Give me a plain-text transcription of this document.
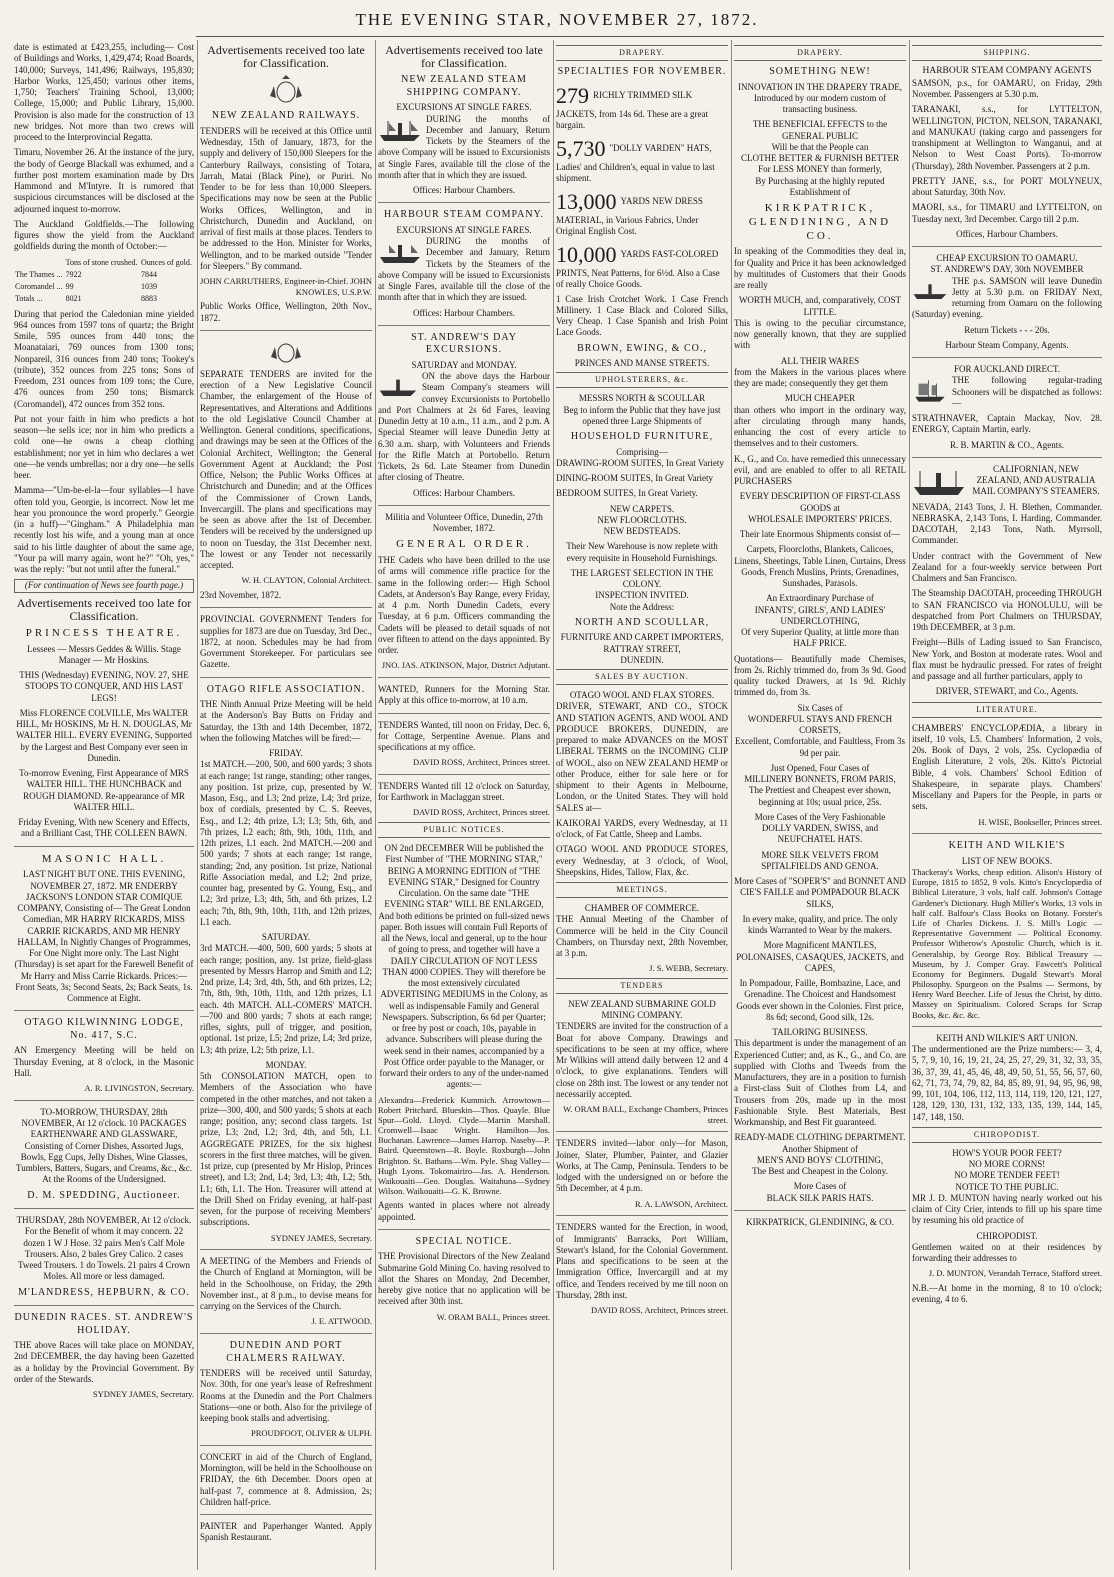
THE EVENING STAR, NOVEMBER 27, 1872.

date is estimated at £423,255, including— Cost of Buildings and Works, 1,429,474; Road Boards, 140,000; Surveys, 141,496; Railways, 195,830; Harbor Works, 125,450; various other items, 1,750; Teachers' Training School, 13,000; College, 15,000; and Public Library, 15,000. Provision is also made for the construction of 13 new bridges. Not more than two crews will proceed to the Interprovincial Regatta.

Timaru, November 26. At the instance of the jury, the body of George Blackall was exhumed, and a further post mortem examination made by Drs Hammond and M'Intyre. It is rumored that suspicious circumstances will be disclosed at the adjourned inquest to-morrow.

The Auckland Goldfields.—The following figures show the yield from the Auckland goldfields during the month of October:—

	Tons of stone crushed.	Ounces of gold.
The Thames ...	7922	7844
Coromandel ...	99	1039
Totals ...	8021	8883

During that period the Caledonian mine yielded 964 ounces from 1597 tons of quartz; the Bright Smile, 595 ounces from 440 tons; the Moanataiari, 769 ounces from 1300 tons; Nonpareil, 316 ounces from 240 tons; Tookey's (tribute), 352 ounces from 225 tons; Sons of Freedom, 231 ounces from 109 tons; the Cure, 476 ounces from 250 tons; Bismarck (Coromandel), 472 ounces from 352 tons.

Put not your faith in him who predicts a hot season—he sells ice; nor in him who predicts a cold one—he owns a cheap clothing establishment; nor yet in him who declares a wet one—he vends umbrellas; nor a dry one—he sells beer.

Mamma—"Um-be-el-la—four syllables—I have often told you, Georgie, is incorrect. Now let me hear you pronounce the word properly." Georgie (in a huff)—"Gingham." A Philadelphia man recently lost his wife, and a young man at once said to his little daughter of about the same age, "Your pa will marry again, wont he?" "Oh, yes," was the reply: "but not until after the funeral."

(For continuation of News see fourth page.)

Advertisements received too late for Classification.
PRINCESS THEATRE.

Lessees — Messrs Geddes & Willis. Stage Manager — Mr Hoskins.

THIS (Wednesday) EVENING, NOV. 27, SHE STOOPS TO CONQUER, AND HIS LAST LEGS!

Miss FLORENCE COLVILLE, Mrs WALTER HILL, Mr HOSKINS, Mr H. N. DOUGLAS, Mr WALTER HILL. EVERY EVENING, Supported by the Largest and Best Company ever seen in Dunedin.

To-morrow Evening, First Appearance of MRS WALTER HILL. THE HUNCHBACK and ROUGH DIAMOND. Re-appearance of MR WALTER HILL.

Friday Evening, With new Scenery and Effects, and a Brilliant Cast, THE COLLEEN BAWN.

MASONIC HALL.

LAST NIGHT BUT ONE. THIS EVENING, NOVEMBER 27, 1872. MR ENDERBY JACKSON'S LONDON STAR COMIQUE COMPANY, Consisting of— The Great London Comedian, MR HARRY RICKARDS, MISS CARRIE RICKARDS, AND MR HENRY HALLAM, In Nightly Changes of Programmes, For One Night more only. The Last Night (Thursday) is set apart for the Farewell Benefit of Mr Harry and Miss Carrie Rickards. Prices:—Front Seats, 3s; Second Seats, 2s; Back Seats, 1s. Commence at Eight.

OTAGO KILWINNING LODGE, No. 417, S.C.

AN Emergency Meeting will be held on Thursday Evening, at 8 o'clock, in the Masonic Hall.

A. R. LIVINGSTON, Secretary.

TO-MORROW, THURSDAY, 28th NOVEMBER, At 12 o'clock. 10 PACKAGES EARTHENWARE AND GLASSWARE, Consisting of Corner Dishes, Assorted Jugs, Bowls, Egg Cups, Jelly Dishes, Wine Glasses, Tumblers, Batters, Sugars, and Creams, &c., &c. At the Rooms of the Undersigned.

D. M. SPEDDING, Auctioneer.

THURSDAY, 28th NOVEMBER, At 12 o'clock. For the Benefit of whom it may concern. 22 dozen 1 W J Hose. 32 pairs Men's Calf Mole Trousers. Also, 2 bales Grey Calico. 2 cases Tweed Trousers. 1 do Towels. 21 pairs 4 Crown Moles. All more or less damaged.

M'LANDRESS, HEPBURN, & CO.
DUNEDIN RACES. ST. ANDREW'S HOLIDAY.

THE above Races will take place on MONDAY, 2nd DECEMBER, the day having been Gazetted as a holiday by the Provincial Government. By order of the Stewards.

SYDNEY JAMES, Secretary.

Advertisements received too late for Classification.
NEW ZEALAND RAILWAYS.

TENDERS will be received at this Office until Wednesday, 15th of January, 1873, for the supply and delivery of 150,000 Sleepers for the Canterbury Railways, consisting of Totara, Jarrah, Matai (Black Pine), or Puriri. No Tender to be for less than 10,000 Sleepers. Specifications may now be seen at the Public Works Offices, Wellington, and in Christchurch, Dunedin and Auckland, on arrival of first mails at those places. Tenders to be addressed to the Hon. Minister for Works, Wellington, and to be marked outside "Tender for Sleepers." By command.

JOHN CARRUTHERS, Engineer-in-Chief. JOHN KNOWLES, U.S.P.W.

Public Works Office, Wellington, 20th Nov., 1872.

SEPARATE TENDERS are invited for the erection of a New Legislative Council Chamber, the enlargement of the House of Representatives, and Alterations and Additions to the old Legislative Council Chamber at Wellington. General conditions, specifications, and drawings may be seen at the Offices of the Colonial Architect, Wellington; the General Government Agent at Auckland; the Post Office, Nelson; the Public Works Offices at Christchurch and Dunedin; and at the Offices of the Commissioner of Crown Lands, Invercargill. The plans and specifications may be seen as above after the 1st of December. Tenders will be received by the undersigned up to noon on Tuesday, the 31st December next. The lowest or any Tender not necessarily accepted.

W. H. CLAYTON, Colonial Architect.

23rd November, 1872.

PROVINCIAL GOVERNMENT Tenders for supplies for 1873 are due on Tuesday, 3rd Dec., 1872, at noon. Schedules may be had from Government Storekeeper. For particulars see Gazette.

OTAGO RIFLE ASSOCIATION.

THE Ninth Annual Prize Meeting will be held at the Anderson's Bay Butts on Friday and Saturday, the 13th and 14th December, 1872, when the following Matches will be fired:—

FRIDAY.

1st MATCH.—200, 500, and 600 yards; 3 shots at each range; 1st range, standing; other ranges, any position. 1st prize, cup, presented by W. Mason, Esq., and L3; 2nd prize, L4; 3rd prize, box of cordials, presented by C. S. Reeves, Esq., and L2; 4th prize, L3; L3; 5th, 6th, and 7th prizes, L2 each; 8th, 9th, 10th, 11th, and 12th prizes, L1 each. 2nd MATCH.—200 and 500 yards; 7 shots at each range; 1st range, standing; 2nd, any position. 1st prize, National Rifle Association medal, and L2; 2nd prize, counter bag, presented by G. Young, Esq., and L2; 3rd prize, L3; 4th, 5th, and 6th prizes, L2 each; 7th, 8th, 9th, 10th, 11th, and 12th prizes, L1 each.

SATURDAY.

3rd MATCH.—400, 500, 600 yards; 5 shots at each range; position, any. 1st prize, field-glass presented by Messrs Harrop and Smith and L2; 2nd prize, L4; 3rd, 4th, 5th, and 6th prizes, L2; 7th, 8th, 9th, 10th, 11th, and 12th prizes, L1 each. 4th MATCH. ALL-COMERS' MATCH.—700 and 800 yards; 7 shots at each range; rifles, sights, pull of trigger, and position, optional. 1st prize, L5; 2nd prize, L4; 3rd prize, L3; 4th prize, L2; 5th prize, L1.

MONDAY.

5th CONSOLATION MATCH, open to Members of the Association who have competed in the other matches, and not taken a prize—300, 400, and 500 yards; 5 shots at each range; position, any; second class targets. 1st prize, L3; 2nd, L2; 3rd, 4th, and 5th, L1. AGGREGATE PRIZES, for the six highest scorers in the first three matches, will be given. 1st prize, cup (presented by Mr Hislop, Princes street), and L3; 2nd, L4; 3rd, L3; 4th, L2; 5th, L1; 6th, L1. The Hon. Treasurer will attend at the Drill Shed on Friday evening, at half-past seven, for the purpose of receiving Members' subscriptions.

SYDNEY JAMES, Secretary.

A MEETING of the Members and Friends of the Church of England at Mornington, will be held in the Schoolhouse, on Friday, the 29th November inst., at 8 p.m., to devise means for carrying on the Services of the Church.

J. E. ATTWOOD.

DUNEDIN AND PORT CHALMERS RAILWAY.

TENDERS will be received until Saturday, Nov. 30th, for one year's lease of Refreshment Rooms at the Dunedin and the Port Chalmers Stations—one or both. Also for the privilege of keeping book stalls and advertising.

PROUDFOOT, OLIVER & ULPH.

CONCERT in aid of the Church of England, Mornington, will be held in the Schoolhouse on FRIDAY, the 6th December. Doors open at half-past 7, commence at 8. Admission, 2s; Children half-price.

PAINTER and Paperhanger Wanted. Apply Spanish Restaurant.

Advertisements received too late for Classification.
NEW ZEALAND STEAM SHIPPING COMPANY.
EXCURSIONS AT SINGLE FARES.

DURING the months of December and January, Return Tickets by the Steamers of the above Company will be issued to Excursionists at Single Fares, available till the close of the month after that in which they are issued.

Offices: Harbour Chambers.

HARBOUR STEAM COMPANY.
EXCURSIONS AT SINGLE FARES.

DURING the months of December and January, Return Tickets by the Steamers of the above Company will be issued to Excursionists at Single Fares, available till the close of the month after that in which they are issued.

Offices: Harbour Chambers.

ST. ANDREW'S DAY EXCURSIONS.
SATURDAY and MONDAY.

ON the above days the Harbour Steam Company's steamers will convey Excursionists to Portobello and Port Chalmers at 2s 6d Fares, leaving Dunedin Jetty at 10 a.m., 11 a.m., and 2 p.m. A Special Steamer will leave Dunedin Jetty at 6.30 a.m. sharp, with Volunteers and Friends for the Rifle Match at Portobello. Return Tickets, 2s 6d. Late Steamer from Dunedin after closing of Theatre.

Offices: Harbour Chambers.

Militia and Volunteer Office, Dunedin, 27th November, 1872.

GENERAL ORDER.

THE Cadets who have been drilled to the use of arms will commence rifle practice for the same in the following order:— High School Cadets, at Anderson's Bay Range, every Friday, at 4 p.m. North Dunedin Cadets, every Tuesday, at 6 p.m. Officers commanding the Cadets will be pleased to detail squads of not over fifteen to attend on the days appointed. By order.

JNO. JAS. ATKINSON, Major, District Adjutant.

WANTED, Runners for the Morning Star. Apply at this office to-morrow, at 10 a.m.

TENDERS Wanted, till noon on Friday, Dec. 6, for Cottage, Serpentine Avenue. Plans and specifications at my office.

DAVID ROSS, Architect, Princes street.

TENDERS Wanted till 12 o'clock on Saturday, for Earthwork in Maclaggan street.

DAVID ROSS, Architect, Princes street.

PUBLIC NOTICES.

ON 2nd DECEMBER Will be published the First Number of "THE MORNING STAR," BEING A MORNING EDITION of "THE EVENING STAR," Designed for Country Circulation. On the same date "THE EVENING STAR" WILL BE ENLARGED, And both editions be printed on full-sized news paper. Both issues will contain Full Reports of all the News, local and general, up to the hour of going to press, and together will have a DAILY CIRCULATION OF NOT LESS THAN 4000 COPIES. They will therefore be the most extensively circulated ADVERTISING MEDIUMS in the Colony, as well as indispensable Family and General Newspapers. Subscription, 6s 6d per Quarter; or free by post or coach, 10s, payable in advance. Subscribers will please during the week send in their names, accompanied by a Post Office order payable to the Manager, or forward their orders to any of the under-named agents:—

Alexandra—Frederick Kummich. Arrowtown—Robert Pritchard. Blueskin—Thos. Quayle. Blue Spur—Gold. Lloyd. Clyde—Martin Marshall. Cromwell—Isaac Wright. Hamilton—Jos. Buchanan. Lawrence—James Harrop. Naseby—P. Baird. Queenstown—R. Boyle. Roxburgh—John Brighton. St. Bathans—Wm. Pyle. Shag Valley—Hugh Lyons. Tokomairiro—Jas. A. Henderson. Waikouaiti—Geo. Douglas. Waitahuna—Sydney Wilson. Waikouaiti—G. K. Browne.

Agents wanted in places where not already appointed.

SPECIAL NOTICE.

THE Provisional Directors of the New Zealand Submarine Gold Mining Co. having resolved to allot the Shares on Monday, 2nd December, hereby give notice that no application will be received after 30th inst.

W. ORAM BALL, Princes street.

DRAPERY.
SPECIALTIES FOR NOVEMBER.
279 RICHLY TRIMMED SILK JACKETS, from 14s 6d. These are a great bargain.
5,730 "DOLLY VARDEN" HATS, Ladies' and Children's, equal in value to last shipment.
13,000 YARDS NEW DRESS MATERIAL, in Various Fabrics, Under Original English Cost.
10,000 YARDS FAST-COLORED PRINTS, Neat Patterns, for 6½d. Also a Case of really Choice Goods.

1 Case Irish Crotchet Work. 1 Case French Millinery. 1 Case Black and Colored Silks, Very Cheap. 1 Case Spanish and Irish Point Lace Goods.

BROWN, EWING, & CO.,
PRINCES AND MANSE STREETS.
UPHOLSTERERS, &c.
MESSRS NORTH & SCOULLAR

Beg to inform the Public that they have just opened three Large Shipments of

HOUSEHOLD FURNITURE,
Comprising—

DRAWING-ROOM SUITES, In Great Variety

DINING-ROOM SUITES, In Great Variety

BEDROOM SUITES, In Great Variety.

NEW CARPETS.
NEW FLOORCLOTHS.
NEW BEDSTEADS.

Their New Warehouse is now replete with every requisite in Household Furnishings.

THE LARGEST SELECTION IN THE COLONY.
INSPECTION INVITED.
Note the Address:
NORTH AND SCOULLAR,
FURNITURE AND CARPET IMPORTERS,
RATTRAY STREET,
DUNEDIN.
SALES BY AUCTION.
OTAGO WOOL AND FLAX STORES.

DRIVER, STEWART, AND CO., STOCK AND STATION AGENTS, AND WOOL AND PRODUCE BROKERS, DUNEDIN, are prepared to make ADVANCES on the MOST LIBERAL TERMS on the INCOMING CLIP of WOOL, also on NEW ZEALAND HEMP or other Produce, either for sale here or for shipment to their Agents in Melbourne, London, or the United States. They will hold SALES at—

KAIKORAI YARDS, every Wednesday, at 11 o'clock, of Fat Cattle, Sheep and Lambs.

OTAGO WOOL AND PRODUCE STORES, every Wednesday, at 3 o'clock, of Wool, Sheepskins, Hides, Tallow, Flax, &c.

MEETINGS.
CHAMBER OF COMMERCE.

THE Annual Meeting of the Chamber of Commerce will be held in the City Council Chambers, on Thursday next, 28th November, at 3 p.m.

J. S. WEBB, Secretary.

TENDERS
NEW ZEALAND SUBMARINE GOLD MINING COMPANY.

TENDERS are invited for the construction of a Boat for above Company. Drawings and specifications to be seen at my office, where Mr Wilkins will attend daily between 12 and 4 o'clock, to give explanations. Tenders will close on 28th inst. The lowest or any tender not necessarily accepted.

W. ORAM BALL, Exchange Chambers, Princes street.

TENDERS invited—labor only—for Mason, Joiner, Slater, Plumber, Painter, and Glazier Works, at The Camp, Peninsula. Tenders to be lodged with the undersigned on or before the 5th December, at 4 p.m.

R. A. LAWSON, Architect.

TENDERS wanted for the Erection, in wood, of Immigrants' Barracks, Port William, Stewart's Island, for the Colonial Government. Plans and specifications to be seen at the Immigration Office, Invercargill and at my office, and Tenders received by me till noon on Thursday, 28th inst.

DAVID ROSS, Architect, Princes street.

DRAPERY.
SOMETHING NEW!
INNOVATION IN THE DRAPERY TRADE,

Introduced by our modern custom of transacting business.

THE BENEFICIAL EFFECTS to the GENERAL PUBLIC
Will be that the People can
CLOTHE BETTER & FURNISH BETTER
For LESS MONEY than formerly,

By Purchasing at the highly reputed Establishment of

KIRKPATRICK, GLENDINING, AND CO.

In speaking of the Commodities they deal in, for Quality and Price it has been acknowledged by multitudes of Customers that their Goods are really

WORTH MUCH, and, comparatively, COST LITTLE.

This is owing to the peculiar circumstance, now generally known, that they are supplied with

ALL THEIR WARES

from the Makers in the various places where they are made; consequently they get them

MUCH CHEAPER

than others who import in the ordinary way, after circulating through many hands, enhancing the cost of every article to themselves and to their customers.

K., G., and Co. have remedied this unnecessary evil, and are enabled to offer to all RETAIL PURCHASERS

EVERY DESCRIPTION OF FIRST-CLASS GOODS at
WHOLESALE IMPORTERS' PRICES.

Their late Enormous Shipments consist of—

Carpets, Floorcloths, Blankets, Calicoes, Linens, Sheetings, Table Linen, Curtains, Dress Goods, French Muslins, Prints, Grenadines, Sunshades, Parasols.

An Extraordinary Purchase of
INFANTS', GIRLS', AND LADIES' UNDERCLOTHING,

Of very Superior Quality, at little more than HALF PRICE.

Quotations— Beautifully made Chemises, from 2s. Richly trimmed do, from 3s 9d. Good quality tucked Drawers, at 1s 9d. Richly trimmed do, from 3s.

Six Cases of
WONDERFUL STAYS AND FRENCH CORSETS,

Excellent, Comfortable, and Faultless, From 3s 9d per pair.

Just Opened, Four Cases of
MILLINERY BONNETS, FROM PARIS,

The Prettiest and Cheapest ever shown, beginning at 10s; usual price, 25s.

More Cases of the Very Fashionable

DOLLY VARDEN, SWISS, and NEUFCHATEL HATS.

MORE SILK VELVETS FROM SPITALFIELDS AND GENOA.

More Cases of "SOPER'S" and BONNET AND CIE'S FAILLE and POMPADOUR BLACK SILKS,

In every make, quality, and price. The only kinds Warranted to Wear by the makers.

More Magnificent MANTLES, POLONAISES, CASAQUES, JACKETS, and CAPES,

In Pompadour, Faille, Bombazine, Lace, and Grenadine. The Choicest and Handsomest Goods ever shown in the Colonies. First price, 8s 6d; second, Good silk, 12s.

TAILORING BUSINESS.

This department is under the management of an Experienced Cutter; and, as K., G., and Co. are supplied with Cloths and Tweeds from the Manufacturers, they are in a position to furnish a First-class Suit of Clothes from L4, and Trousers from 20s, made up in the most Fashionable Style. Best Materials, Best Workmanship, and Best Fit guaranteed.

READY-MADE CLOTHING DEPARTMENT.
Another Shipment of
MEN'S AND BOYS' CLOTHING,

The Best and Cheapest in the Colony.

More Cases of

BLACK SILK PARIS HATS.

KIRKPATRICK, GLENDINING, & CO.
SHIPPING.
HARBOUR STEAM COMPANY AGENTS

SAMSON, p.s., for OAMARU, on Friday, 29th November. Passengers at 5.30 p.m.

TARANAKI, s.s., for LYTTELTON, WELLINGTON, PICTON, NELSON, TARANAKI, and MANUKAU (taking cargo and passengers for transhipment at Wellington to Wanganui, and at Nelson to West Coast Ports). To-morrow (Thursday), 28th November. Passengers at 2 p.m.

PRETTY JANE, s.s., for PORT MOLYNEUX, about Saturday, 30th Nov.

MAORI, s.s., for TIMARU and LYTTELTON, on Tuesday next, 3rd December. Cargo till 2 p.m.

Offices, Harbour Chambers.

CHEAP EXCURSION TO OAMARU.
ST. ANDREW'S DAY, 30th NOVEMBER

THE p.s. SAMSON will leave Dunedin Jetty at 5.30 p.m. on FRIDAY Next, returning from Oamaru on the following (Saturday) evening.

Return Tickets - - - 20s.

Harbour Steam Company, Agents.

FOR AUCKLAND DIRECT.

THE following regular-trading Schooners will be dispatched as follows:—

STRATHNAVER, Captain Mackay, Nov. 28. ENERGY, Captain Martin, early.

R. B. MARTIN & CO., Agents.

CALIFORNIAN, NEW ZEALAND, AND AUSTRALIA MAIL COMPANY'S STEAMERS.

NEVADA, 2143 Tons, J. H. Blethen, Commander. NEBRASKA, 2,143 Tons, I. Harding, Commander. DACOTAH, 2,143 Tons, Nath. Myrrsoll, Commander.

Under contract with the Government of New Zealand for a four-weekly service between Port Chalmers and San Francisco.

The Steamship DACOTAH, proceeding THROUGH to SAN FRANCISCO via HONOLULU, will be despatched from Port Chalmers on THURSDAY, 19th DECEMBER, at 3 p.m.

Freight—Bills of Lading issued to San Francisco, New York, and Boston at moderate rates. Wool and flax must be hydraulic pressed. For rates of freight and passage and all further particulars, apply to

DRIVER, STEWART, and Co., Agents.

LITERATURE.

CHAMBERS' ENCYCLOPÆDIA, a library in itself, 10 vols, L5. Chambers' Information, 2 vols, 20s. Book of Days, 2 vols, 25s. Cyclopædia of English Literature, 2 vols, 20s. Kitto's Pictorial Bible, 4 vols. Chambers' School Edition of Shakespeare, in separate plays. Chambers' Miscellany and Papers for the People, in parts or sets.

H. WISE, Bookseller, Princes street.

KEITH AND WILKIE'S
LIST OF NEW BOOKS.

Thackeray's Works, cheap edition. Alison's History of Europe, 1815 to 1852, 9 vols. Kitto's Encyclopædia of Biblical Literature, 3 vols, half calf. Johnson's Cottage Gardener's Dictionary. Hugh Miller's Works, 13 vols in half calf. Balfour's Class Books on Botany. Forster's Life of Charles Dickens. J. S. Mill's Logic — Representative Government — Political Economy. Professor Witherow's Apostolic Church, which is it. Generalship, by George Roy. Biblical Treasury — Museum, by J. Comper Gray. Fawcett's Political Economy for Beginners. Dugald Stewart's Moral Philosophy. Spurgeon on the Psalms — Sermons, by Henry Ward Beecher. Life of Jesus the Christ, by ditto. Massey on Spiritualism. Colored Scraps for Scrap Books, &c. &c. &c.

KEITH AND WILKIE'S ART UNION.

The undermentioned are the Prize numbers:— 3, 4, 5, 7, 9, 10, 16, 19, 21, 24, 25, 27, 29, 31, 32, 33, 35, 36, 37, 39, 41, 45, 46, 48, 49, 50, 51, 55, 56, 57, 60, 62, 71, 73, 74, 79, 82, 84, 85, 89, 91, 94, 95, 96, 98, 99, 101, 104, 106, 112, 113, 114, 119, 120, 121, 127, 128, 129, 130, 131, 132, 133, 135, 139, 144, 145, 147, 148, 150.

CHIROPODIST.
HOW'S YOUR POOR FEET?
NO MORE CORNS!
NO MORE TENDER FEET!
NOTICE TO THE PUBLIC.

MR J. D. MUNTON having nearly worked out his claim of City Crier, intends to fill up his spare time by resuming his old practice of

CHIROPODIST.

Gentlemen waited on at their residences by forwarding their addresses to

J. D. MUNTON, Verandah Terrace, Stafford street.

N.B.—At home in the morning, 8 to 10 o'clock; evening, 4 to 6.
